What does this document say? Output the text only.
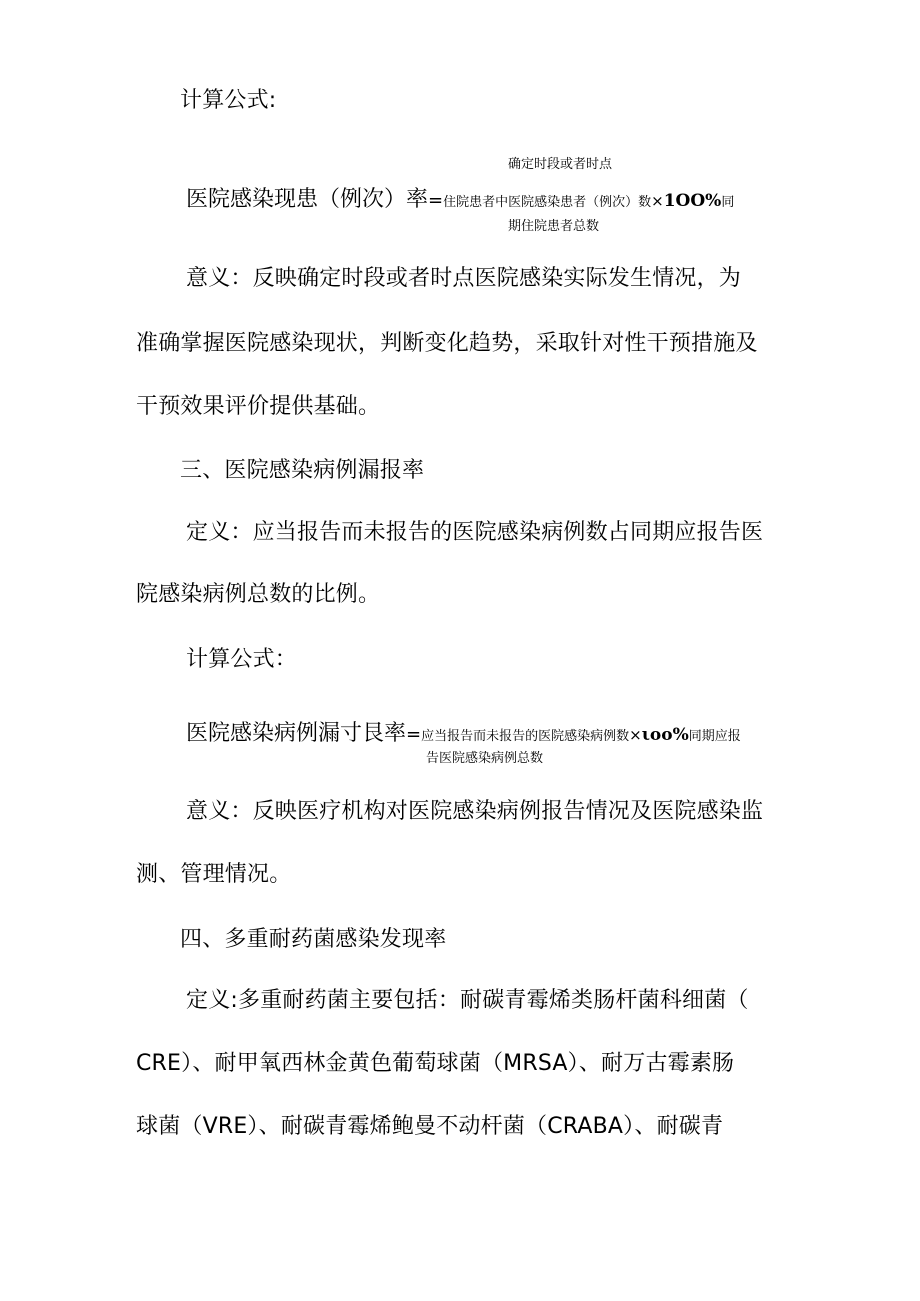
计算公式:
确定时段或者时点
医院感染现患（例次）率 = 住院患者中医院感染患者（例次）数 × 1OO% 同
期住院患者总数
意义：反映确定时段或者时点医院感染实际发生情况，为
准确掌握医院感染现状，判断变化趋势，采取针对性干预措施及
干预效果评价提供基础。
三、医院感染病例漏报率
定义：应当报告而未报告的医院感染病例数占同期应报告医
院感染病例总数的比例。
计算公式：
医院感染病例漏寸艮率 = 应当报告而未报告的医院感染病例数 × ιoo% 同期应报
告医院感染病例总数
意义：反映医疗机构对医院感染病例报告情况及医院感染监
测、管理情况。
四、多重耐药菌感染发现率
定义:多重耐药菌主要包括：耐碳青霉烯类肠杆菌科细菌（
CRE）、耐甲氧西林金黄色葡萄球菌（MRSA）、耐万古霉素肠
球菌（VRE）、耐碳青霉烯鲍曼不动杆菌（CRABA）、耐碳青
